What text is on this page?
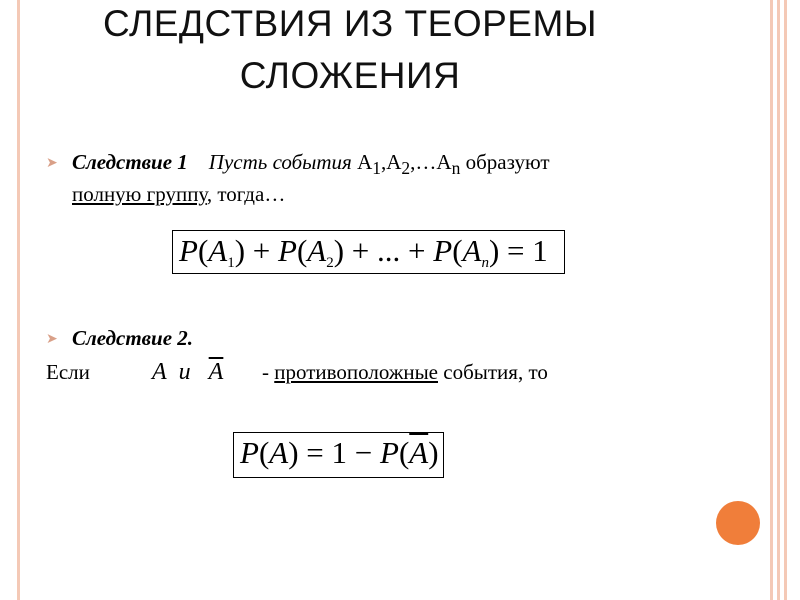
СЛЕДСТВИЯ ИЗ ТЕОРЕМЫ
СЛОЖЕНИЯ
➤ Следствие 1 Пусть события $A_1,A_2,\dots A_n$ образуют
полную группу, тогда…
$P(A_1) + P(A_2)$ + ... + $P(A_n) = 1$
➤ Следствие 2.
Если	A и $\overline{A}$ - противоположные события, то
$P(A) = 1 - P(\overline{A})$
